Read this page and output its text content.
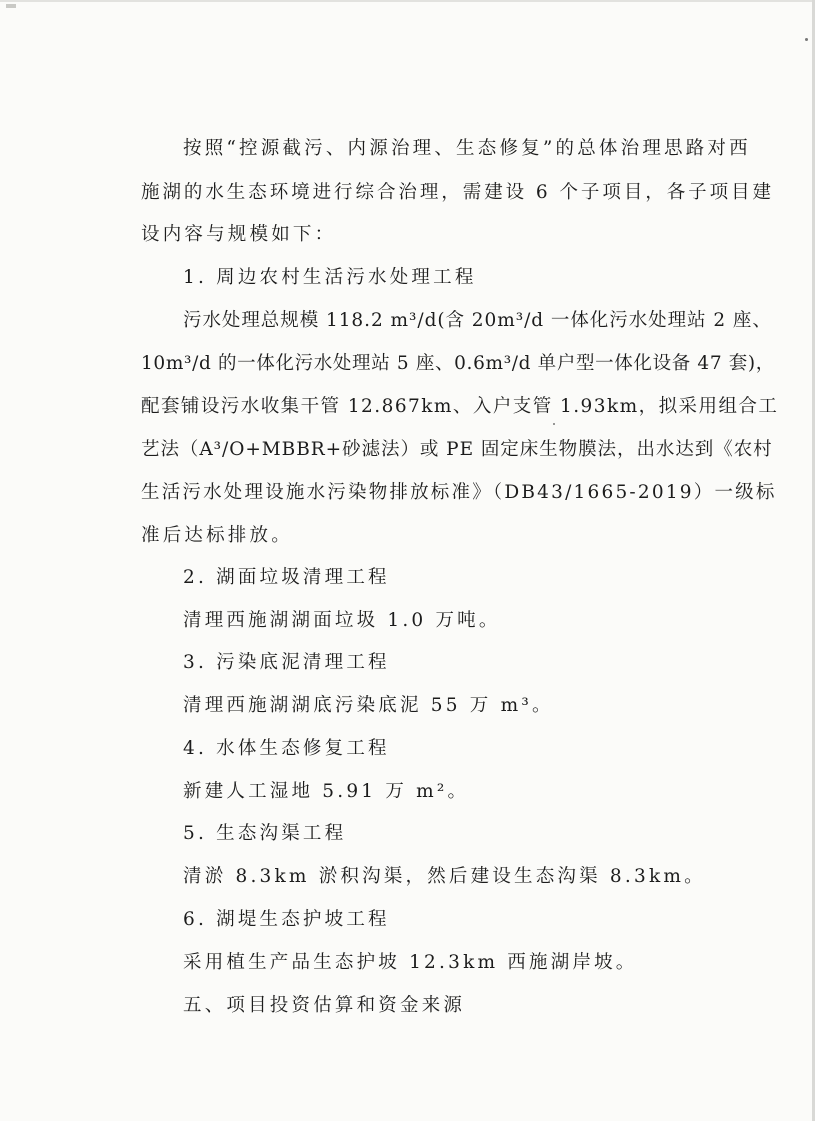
按照“控源截污、内源治理、生态修复”的总体治理思路对西
施湖的水生态环境进行综合治理，需建设 6 个子项目，各子项目建
设内容与规模如下：
1. 周边农村生活污水处理工程
污水处理总规模 118.2 m³/d(含 20m³/d 一体化污水处理站 2 座、
10m³/d 的一体化污水处理站 5 座、0.6m³/d 单户型一体化设备 47 套)，
配套铺设污水收集干管 12.867km、入户支管 1.93km，拟采用组合工
艺法（A³/O+MBBR+砂滤法）或 PE 固定床生物膜法，出水达到《农村
生活污水处理设施水污染物排放标准》（DB43/1665-2019）一级标
准后达标排放。
2. 湖面垃圾清理工程
清理西施湖湖面垃圾 1.0 万吨。
3. 污染底泥清理工程
清理西施湖湖底污染底泥 55 万 m³。
4. 水体生态修复工程
新建人工湿地 5.91 万 m²。
5. 生态沟渠工程
清淤 8.3km 淤积沟渠，然后建设生态沟渠 8.3km。
6. 湖堤生态护坡工程
采用植生产品生态护坡 12.3km 西施湖岸坡。
五、项目投资估算和资金来源
